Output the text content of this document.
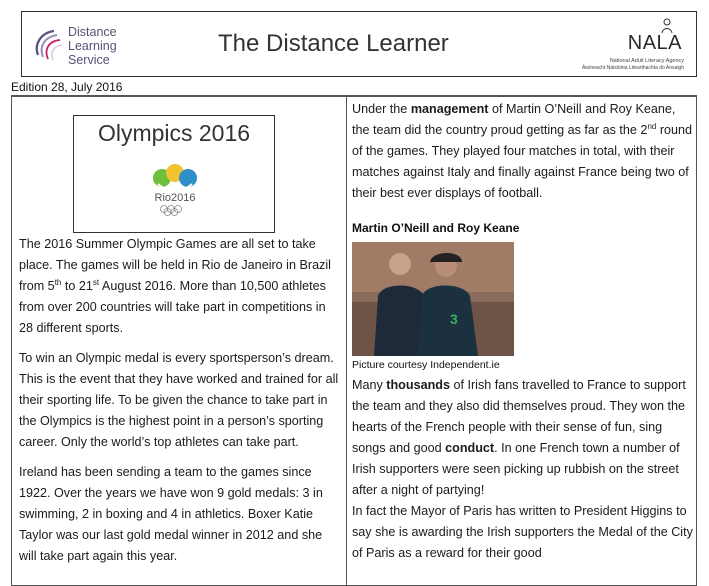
Distance
Learning
Service
The Distance Learner	NALA
National Adult Literacy Agency
Áisíneacht Náisiúnta Litearthachta do Aosaigh
Edition 28, July 2016
Olympics 2016
Rio2016

The 2016 Summer Olympic Games are all set to take place. The games will be held in Rio de Janeiro in Brazil from 5th to 21st August 2016. More than 10,500 athletes from over 200 countries will take part in competitions in 28 different sports.

To win an Olympic medal is every sportsperson’s dream. This is the event that they have worked and trained for all their sporting life. To be given the chance to take part in the Olympics is the highest point in a person’s sporting career. Only the world’s top athletes can take part.

Ireland has been sending a team to the games since 1922. Over the years we have won 9 gold medals: 3 in swimming, 2 in boxing and 4 in athletics. Boxer Katie Taylor was our last gold medal winner in 2012 and she will take part again this year.

Under the management of Martin O’Neill and Roy Keane, the team did the country proud getting as far as the 2nd round of the games. They played four matches in total, with their matches against Italy and finally against France being two of their best ever displays of football.

Martin O’Neill and Roy Keane
3
Picture courtesy Independent.ie

Many thousands of Irish fans travelled to France to support the team and they also did themselves proud. They won the hearts of the French people with their sense of fun, sing songs and good conduct. In one French town a number of Irish supporters were seen picking up rubbish on the street after a night of partying!

In fact the Mayor of Paris has written to President Higgins to say she is awarding the Irish supporters the Medal of the City of Paris as a reward for their good
